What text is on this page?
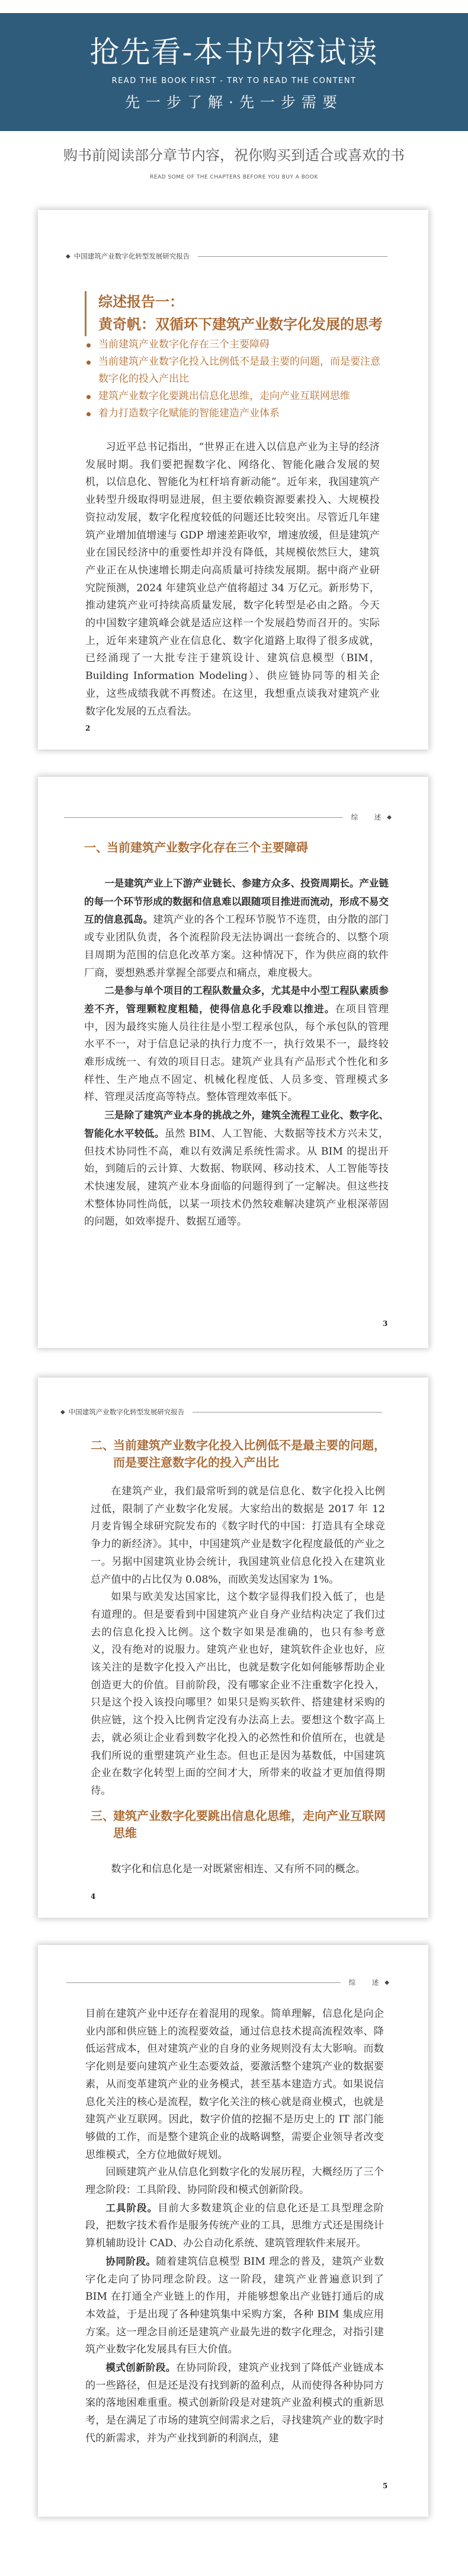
抢先看-本书内容试读
READ THE BOOK FIRST - TRY TO READ THE CONTENT
先一步了解·先一步需要
购书前阅读部分章节内容，祝你购买到适合或喜欢的书
READ SOME OF THE CHAPTERS BEFORE YOU BUY A BOOK
◆ 中国建筑产业数字化转型发展研究报告
综述报告一：
黄奇帆：双循环下建筑产业数字化发展的思考
当前建筑产业数字化存在三个主要障碍
当前建筑产业数字化投入比例低不是最主要的问题，而是要注意数字化的投入产出比
建筑产业数字化要跳出信息化思维，走向产业互联网思维
着力打造数字化赋能的智能建造产业体系

习近平总书记指出，“世界正在进入以信息产业为主导的经济发展时期。我们要把握数字化、网络化、智能化融合发展的契机，以信息化、智能化为杠杆培育新动能”。近年来，我国建筑产业转型升级取得明显进展，但主要依赖资源要素投入、大规模投资拉动发展，数字化程度较低的问题还比较突出。尽管近几年建筑产业增加值增速与 GDP 增速差距收窄，增速放缓，但是建筑产业在国民经济中的重要性却并没有降低，其规模依然巨大，建筑产业正在从快速增长期走向高质量可持续发展期。据中商产业研究院预测，2024 年建筑业总产值将超过 34 万亿元。新形势下，推动建筑产业可持续高质量发展，数字化转型是必由之路。今天的中国数字建筑峰会就是适应这样一个发展趋势而召开的。实际上，近年来建筑产业在信息化、数字化道路上取得了很多成就，已经涌现了一大批专注于建筑设计、建筑信息模型（BIM，Building Information Modeling）、供应链协同等的相关企业，这些成绩我就不再赘述。在这里，我想重点谈我对建筑产业数字化发展的五点看法。

2
综 述
◆
一、
当前建筑产业数字化存在三个主要障碍

一是建筑产业上下游产业链长、参建方众多、投资周期长。产业链的每一个环节形成的数据和信息难以跟随项目推进而流动，形成不易交互的信息孤岛。建筑产业的各个工程环节脱节不连贯，由分散的部门或专业团队负责，各个流程阶段无法协调出一套统合的、以整个项目周期为范围的信息化改革方案。这种情况下，作为供应商的软件厂商，要想熟悉并掌握全部要点和痛点，难度极大。

二是参与单个项目的工程队数量众多，尤其是中小型工程队素质参差不齐，管理颗粒度粗糙，使得信息化手段难以推进。在项目管理中，因为最终实施人员往往是小型工程承包队，每个承包队的管理水平不一，对于信息记录的执行力度不一，执行效果不一，最终较难形成统一、有效的项目日志。建筑产业具有产品形式个性化和多样性、生产地点不固定、机械化程度低、人员多变、管理模式多样、管理灵活度高等特点。整体管理效率低下。

三是除了建筑产业本身的挑战之外，建筑全流程工业化、数字化、智能化水平较低。虽然 BIM、人工智能、大数据等技术方兴未艾，但技术协同性不高，难以有效满足系统性需求。从 BIM 的提出开始，到随后的云计算、大数据、物联网、移动技术、人工智能等技术快速发展，建筑产业本身面临的问题得到了一定解决。但这些技术整体协同性尚低，以某一项技术仍然较难解决建筑产业根深蒂固的问题，如效率提升、数据互通等。

3
◆ 中国建筑产业数字化转型发展研究报告
二、
当前建筑产业数字化投入比例低不是最主要的问题，而是要注意数字化的投入产出比

在建筑产业，我们最常听到的就是信息化、数字化投入比例过低，限制了产业数字化发展。大家给出的数据是 2017 年 12 月麦肯锡全球研究院发布的《数字时代的中国：打造具有全球竞争力的新经济》。其中，中国建筑产业是数字化程度最低的产业之一。另据中国建筑业协会统计，我国建筑业信息化投入在建筑业总产值中的占比仅为 0.08%，而欧美发达国家为 1%。

如果与欧美发达国家比，这个数字显得我们投入低了，也是有道理的。但是要看到中国建筑产业自身产业结构决定了我们过去的信息化投入比例。这个数字如果是准确的，也只有参考意义，没有绝对的说服力。建筑产业也好，建筑软件企业也好，应该关注的是数字化投入产出比，也就是数字化如何能够帮助企业创造更大的价值。目前阶段，没有哪家企业不注重数字化投入，只是这个投入该投向哪里？如果只是购买软件、搭建建材采购的供应链，这个投入比例肯定没有办法高上去。要想这个数字高上去，就必须让企业看到数字化投入的必然性和价值所在，也就是我们所说的重塑建筑产业生态。但也正是因为基数低，中国建筑企业在数字化转型上面的空间才大，所带来的收益才更加值得期待。

三、
建筑产业数字化要跳出信息化思维，走向产业互联网思维

数字化和信息化是一对既紧密相连、又有所不同的概念。

4
综 述
◆

目前在建筑产业中还存在着混用的现象。简单理解，信息化是向企业内部和供应链上的流程要效益，通过信息技术提高流程效率、降低运营成本，但对建筑产业的自身的业务规则没有太大影响。而数字化则是要向建筑产业生态要效益，要激活整个建筑产业的数据要素，从而变革建筑产业的业务模式，甚至基本建造方式。如果说信息化关注的核心是流程，数字化关注的核心就是商业模式，也就是建筑产业互联网。因此，数字价值的挖掘不是历史上的 IT 部门能够做的工作，而是整个建筑企业的战略调整，需要企业领导者改变思维模式，全方位地做好规划。

回顾建筑产业从信息化到数字化的发展历程，大概经历了三个理念阶段：工具阶段、协同阶段和模式创新阶段。

工具阶段。目前大多数建筑企业的信息化还是工具型理念阶段，把数字技术看作是服务传统产业的工具，思维方式还是围绕计算机辅助设计 CAD、办公自动化系统、建筑管理软件来展开。

协同阶段。随着建筑信息模型 BIM 理念的普及，建筑产业数字化走向了协同理念阶段。这一阶段，建筑产业普遍意识到了 BIM 在打通全产业链上的作用，并能够想象出产业链打通后的成本效益，于是出现了各种建筑集中采购方案，各种 BIM 集成应用方案。这一理念目前还是建筑产业最先进的数字化理念，对指引建筑产业数字化发展具有巨大价值。

模式创新阶段。在协同阶段，建筑产业找到了降低产业链成本的一些路径，但是还是没有找到新的盈利点，从而使得各种协同方案的落地困难重重。模式创新阶段是对建筑产业盈利模式的重新思考，是在满足了市场的建筑空间需求之后，寻找建筑产业的数字时代的新需求，并为产业找到新的利润点，建

5
